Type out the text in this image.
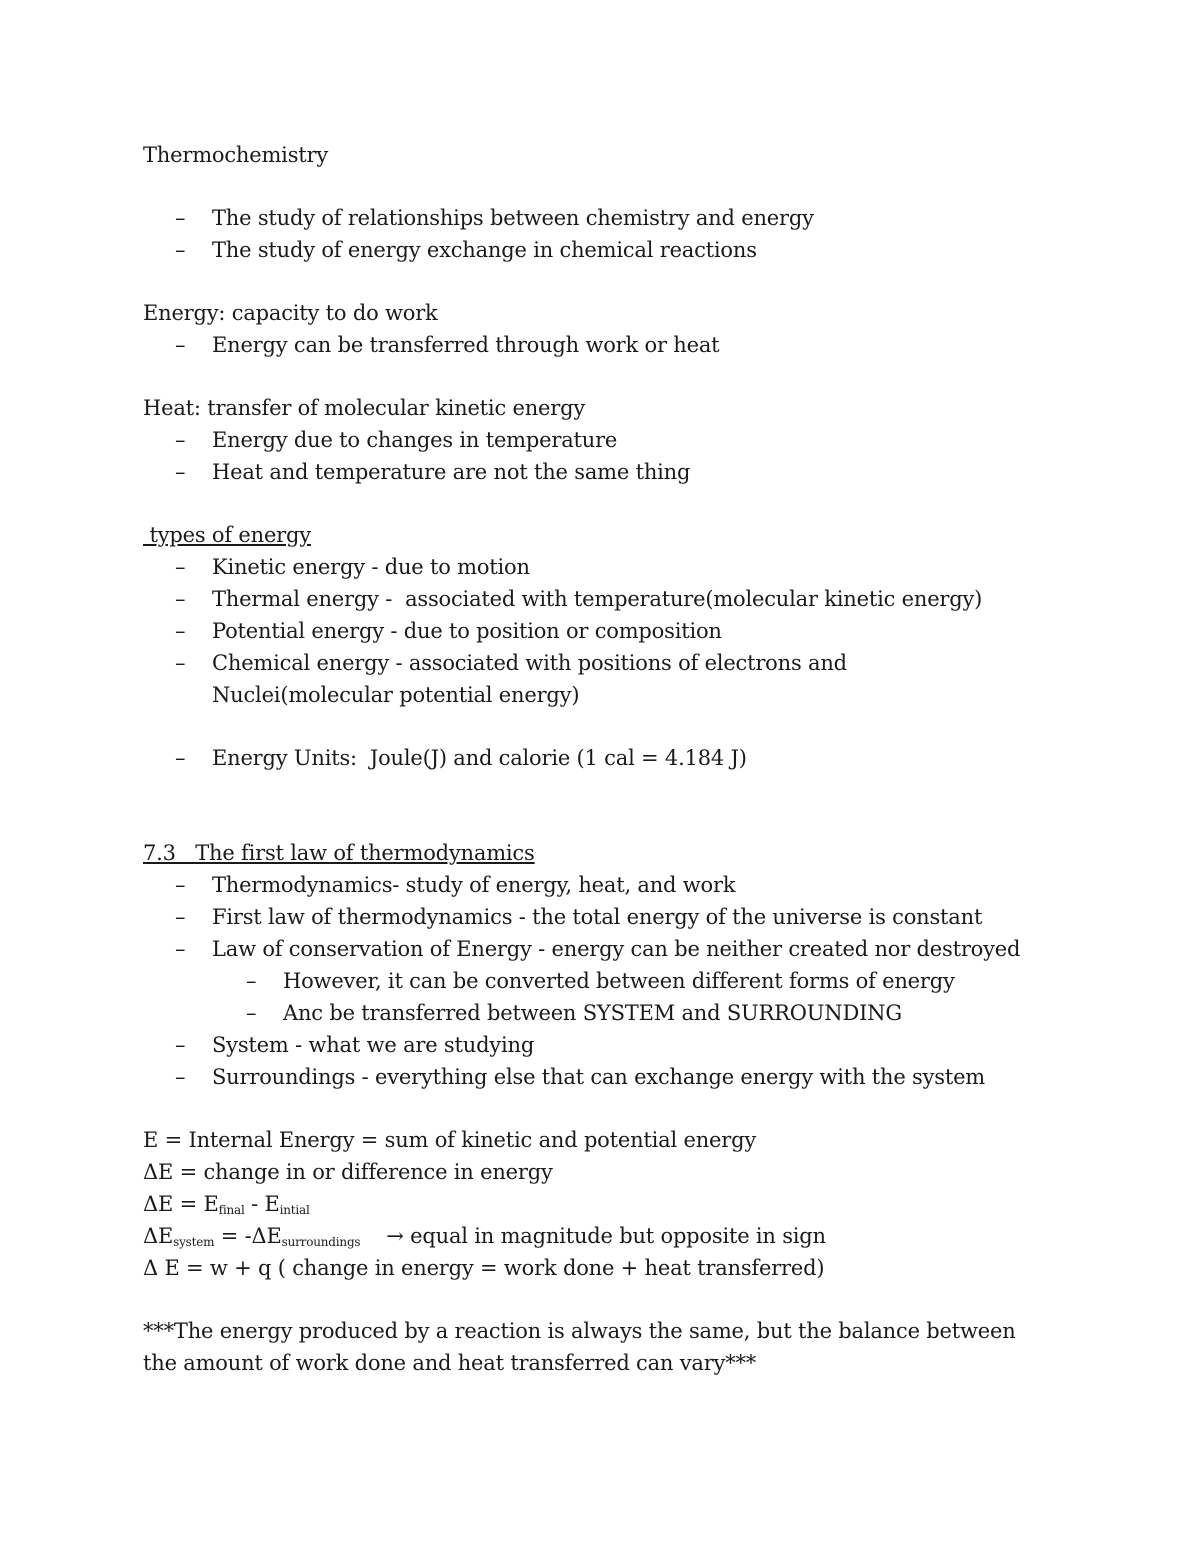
Thermochemistry
– The study of relationships between chemistry and energy
– The study of energy exchange in chemical reactions
Energy: capacity to do work
– Energy can be transferred through work or heat
Heat: transfer of molecular kinetic energy
– Energy due to changes in temperature
– Heat and temperature are not the same thing
types of energy
– Kinetic energy - due to motion
– Thermal energy -  associated with temperature(molecular kinetic energy)
– Potential energy - due to position or composition
– Chemical energy - associated with positions of electrons and Nuclei(molecular potential energy)
– Energy Units:  Joule(J) and calorie (1 cal = 4.184 J)
7.3   The first law of thermodynamics
– Thermodynamics- study of energy, heat, and work
– First law of thermodynamics - the total energy of the universe is constant
– Law of conservation of Energy - energy can be neither created nor destroyed
– However, it can be converted between different forms of energy
– Anc be transferred between SYSTEM and SURROUNDING
– System - what we are studying
– Surroundings - everything else that can exchange energy with the system
E = Internal Energy = sum of kinetic and potential energy
ΔE = change in or difference in energy
$\Delta E = E_{final} - E_{intial}$
$\Delta E_{system} = -\Delta E_{surroundings}$    → equal in magnitude but opposite in sign
Δ E = w + q ( change in energy = work done + heat transferred)
***The energy produced by a reaction is always the same, but the balance between the amount of work done and heat transferred can vary***
